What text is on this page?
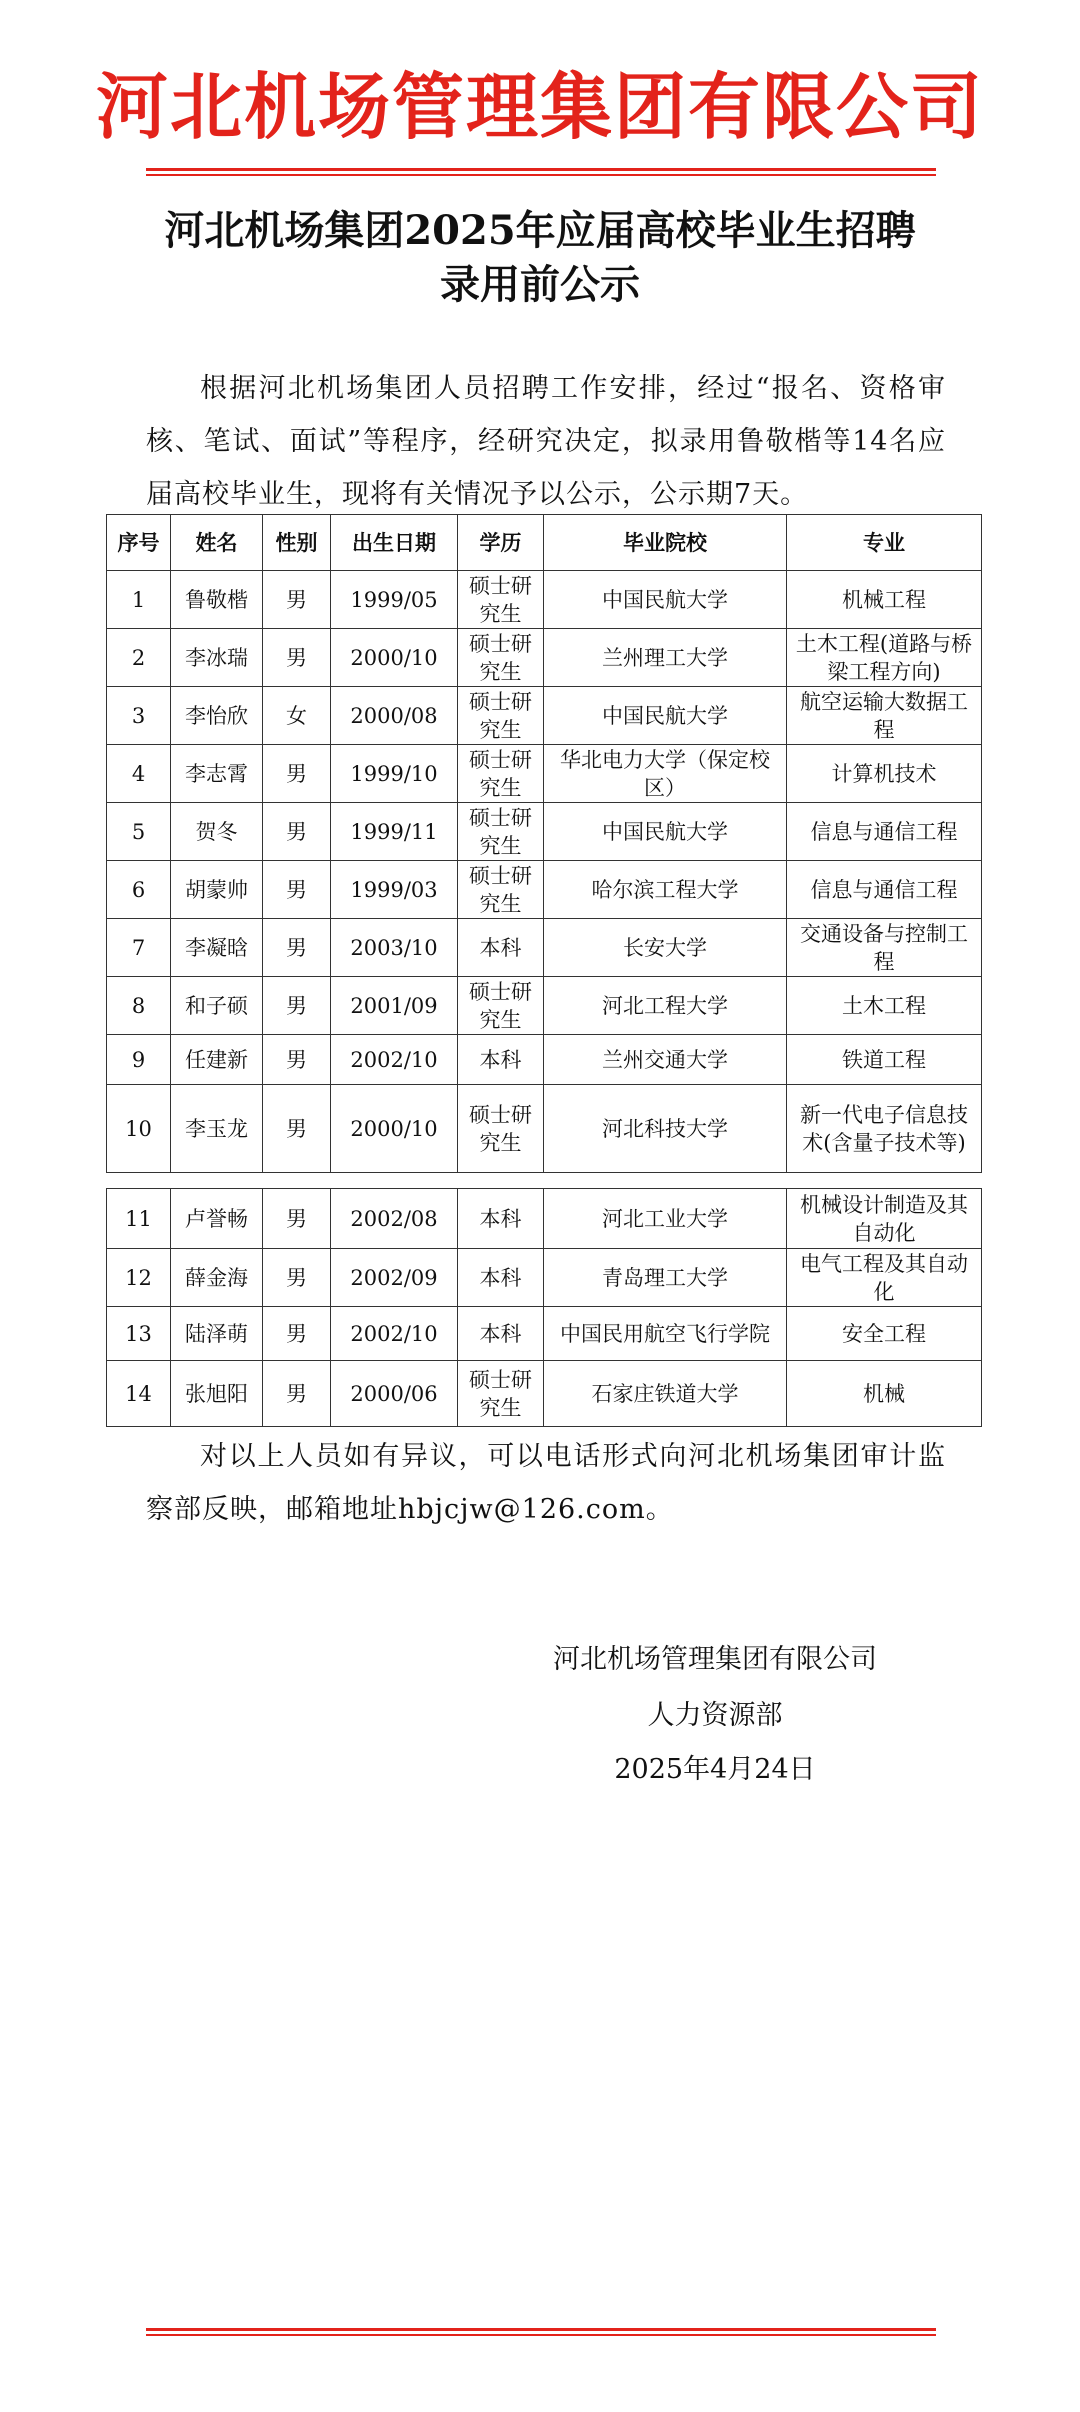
河北机场管理集团有限公司
河北机场集团2025年应届高校毕业生招聘
录用前公示
根据河北机场集团人员招聘工作安排，经过“报名、资格审核、笔试、面试”等程序，经研究决定，拟录用鲁敬楷等14名应届高校毕业生，现将有关情况予以公示，公示期7天。
序号	姓名	性别	出生日期	学历	毕业院校	专业
1	鲁敬楷	男	1999/05	硕士研究生	中国民航大学	机械工程
2	李冰瑞	男	2000/10	硕士研究生	兰州理工大学	土木工程(道路与桥梁工程方向)
3	李怡欣	女	2000/08	硕士研究生	中国民航大学	航空运输大数据工程
4	李志霄	男	1999/10	硕士研究生	华北电力大学（保定校区）	计算机技术
5	贺冬	男	1999/11	硕士研究生	中国民航大学	信息与通信工程
6	胡蒙帅	男	1999/03	硕士研究生	哈尔滨工程大学	信息与通信工程
7	李凝晗	男	2003/10	本科	长安大学	交通设备与控制工程
8	和子硕	男	2001/09	硕士研究生	河北工程大学	土木工程
9	任建新	男	2002/10	本科	兰州交通大学	铁道工程
10	李玉龙	男	2000/10	硕士研究生	河北科技大学	新一代电子信息技术(含量子技术等)
11	卢誉畅	男	2002/08	本科	河北工业大学	机械设计制造及其自动化
12	薛金海	男	2002/09	本科	青岛理工大学	电气工程及其自动化
13	陆泽萌	男	2002/10	本科	中国民用航空飞行学院	安全工程
14	张旭阳	男	2000/06	硕士研究生	石家庄铁道大学	机械
对以上人员如有异议，可以电话形式向河北机场集团审计监察部反映，邮箱地址hbjcjw@126.com。
河北机场管理集团有限公司
人力资源部
2025年4月24日
